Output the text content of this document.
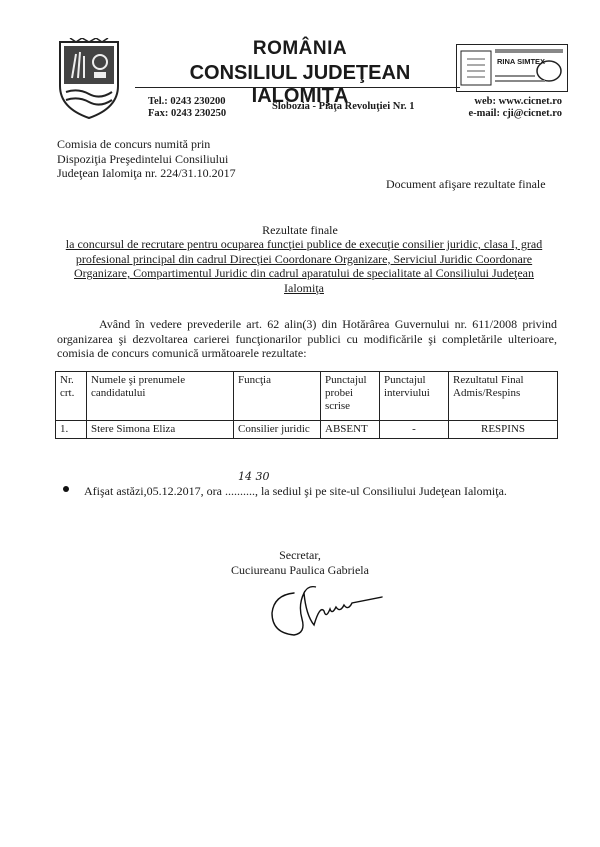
ROMÂNIA
CONSILIUL JUDEŢEAN IALOMIŢA
RINA SIMTEX
Tel.: 0243 230200
Fax: 0243 230250
Slobozia - Piaţa Revoluţiei Nr. 1	web: www.cicnet.ro
e-mail: cji@cicnet.ro
Comisia de concurs numită prin
Dispoziţia Preşedintelui Consiliului
Judeţean Ialomiţa nr. 224/31.10.2017
Document afişare rezultate finale
Rezultate finale
la concursul de recrutare pentru ocuparea funcţiei publice de execuţie consilier juridic, clasa I, grad profesional principal din cadrul Direcţiei Coordonare Organizare, Serviciul Juridic Coordonare Organizare, Compartimentul Juridic din cadrul aparatului de specialitate al Consiliului Judeţean Ialomiţa

Având în vedere prevederile art. 62 alin(3) din Hotărârea Guvernului nr. 611/2008 privind organizarea şi dezvoltarea carierei funcţionarilor publici cu modificările şi completările ulterioare, comisia de concurs comunică următoarele rezultate:

Nr. crt.	Numele şi prenumele candidatului	Funcţia	Punctajul probei scrise	Punctajul interviului	Rezultatul Final Admis/Respins
1.	Stere Simona Eliza	Consilier juridic	ABSENT	-	RESPINS
Afişat astăzi,05.12.2017, ora .........., la sediul şi pe site-ul Consiliului Judeţean Ialomiţa.
14 30
Secretar,
Cuciureanu Paulica Gabriela
